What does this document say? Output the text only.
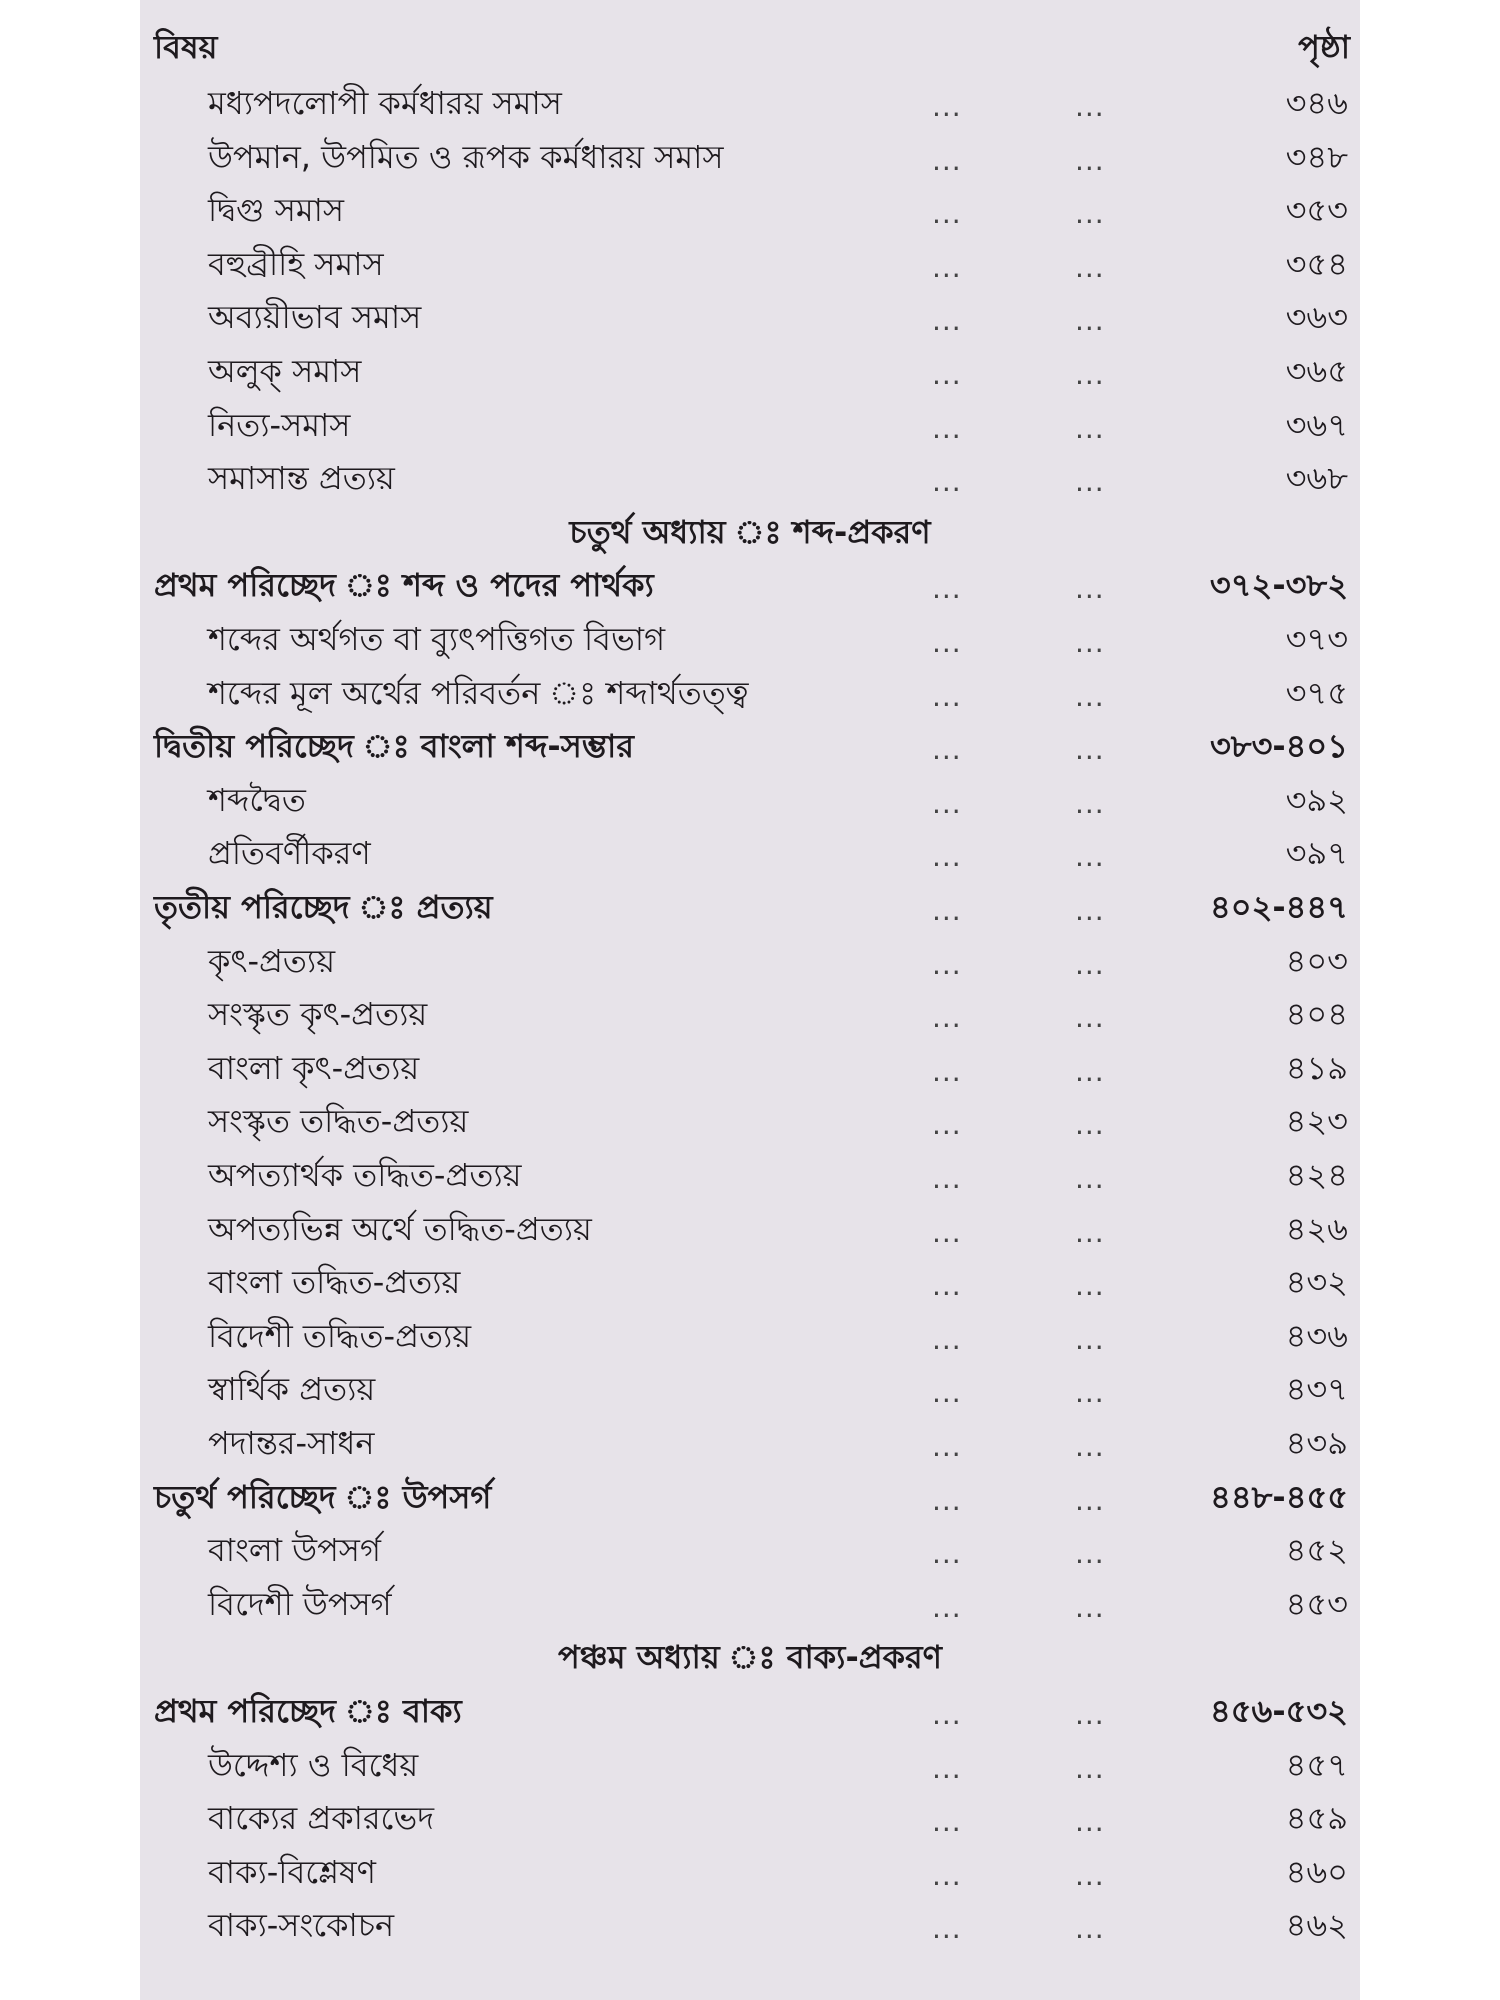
বিষয়	পৃষ্ঠা
মধ্যপদলোপী কর্মধারয় সমাস	...	...	৩৪৬
উপমান, উপমিত ও রূপক কর্মধারয় সমাস	...	...	৩৪৮
দ্বিগু সমাস	...	...	৩৫৩
বহুব্রীহি সমাস	...	...	৩৫৪
অব্যয়ীভাব সমাস	...	...	৩৬৩
অলুক্ সমাস	...	...	৩৬৫
নিত্য-সমাস	...	...	৩৬৭
সমাসান্ত প্রত্যয়	...	...	৩৬৮
চতুর্থ অধ্যায় ঃ শব্দ-প্রকরণ
প্রথম পরিচ্ছেদ ঃ শব্দ ও পদের পার্থক্য	...	...	৩৭২-৩৮২
শব্দের অর্থগত বা ব্যুৎপত্তিগত বিভাগ	...	...	৩৭৩
শব্দের মূল অর্থের পরিবর্তন ঃ শব্দার্থতত্ত্ব	...	...	৩৭৫
দ্বিতীয় পরিচ্ছেদ ঃ বাংলা শব্দ-সম্ভার	...	...	৩৮৩-৪০১
শব্দদ্বৈত	...	...	৩৯২
প্রতিবর্ণীকরণ	...	...	৩৯৭
তৃতীয় পরিচ্ছেদ ঃ প্রত্যয়	...	...	৪০২-৪৪৭
কৃৎ-প্রত্যয়	...	...	৪০৩
সংস্কৃত কৃৎ-প্রত্যয়	...	...	৪০৪
বাংলা কৃৎ-প্রত্যয়	...	...	৪১৯
সংস্কৃত তদ্ধিত-প্রত্যয়	...	...	৪২৩
অপত্যার্থক তদ্ধিত-প্রত্যয়	...	...	৪২৪
অপত্যভিন্ন অর্থে তদ্ধিত-প্রত্যয়	...	...	৪২৬
বাংলা তদ্ধিত-প্রত্যয়	...	...	৪৩২
বিদেশী তদ্ধিত-প্রত্যয়	...	...	৪৩৬
স্বার্থিক প্রত্যয়	...	...	৪৩৭
পদান্তর-সাধন	...	...	৪৩৯
চতুর্থ পরিচ্ছেদ ঃ উপসর্গ	...	...	৪৪৮-৪৫৫
বাংলা উপসর্গ	...	...	৪৫২
বিদেশী উপসর্গ	...	...	৪৫৩
পঞ্চম অধ্যায় ঃ বাক্য-প্রকরণ
প্রথম পরিচ্ছেদ ঃ বাক্য	...	...	৪৫৬-৫৩২
উদ্দেশ্য ও বিধেয়	...	...	৪৫৭
বাক্যের প্রকারভেদ	...	...	৪৫৯
বাক্য-বিশ্লেষণ	...	...	৪৬০
বাক্য-সংকোচন	...	...	৪৬২
